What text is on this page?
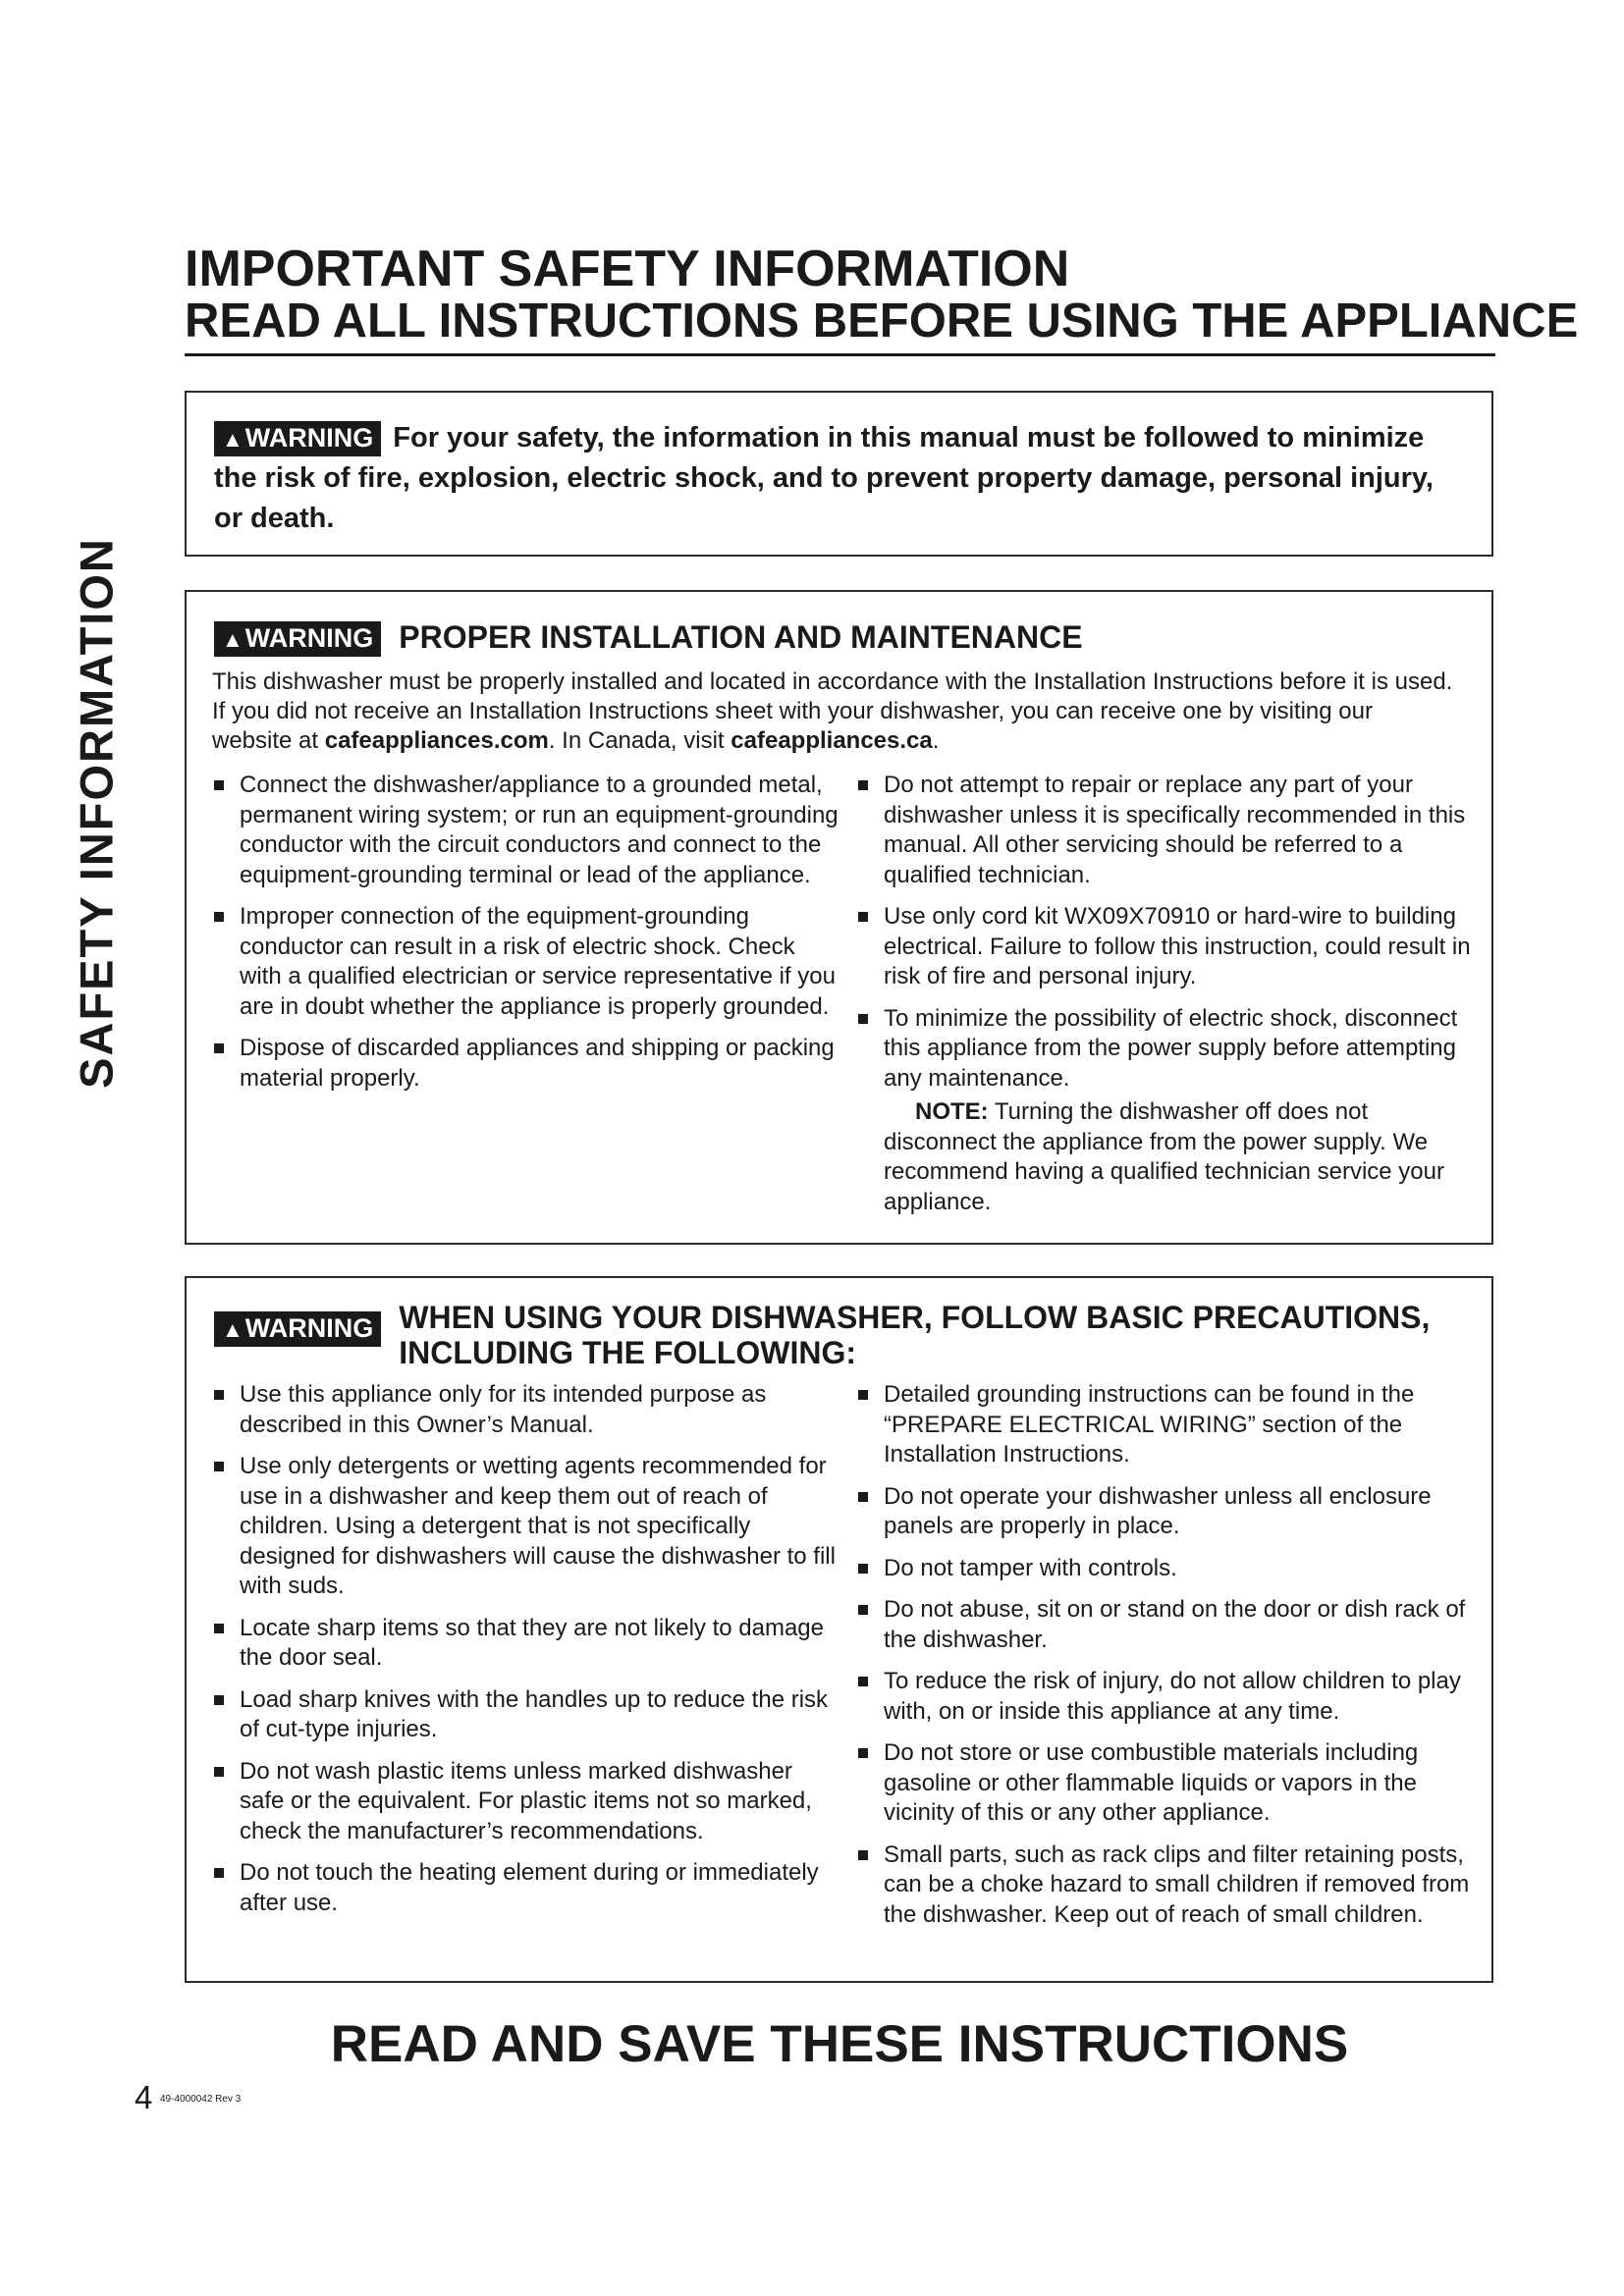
SAFETY INFORMATION
IMPORTANT SAFETY INFORMATION
READ ALL INSTRUCTIONS BEFORE USING THE APPLIANCE
▲WARNING For your safety, the information in this manual must be followed to minimize the risk of fire, explosion, electric shock, and to prevent property damage, personal injury, or death.
▲WARNING PROPER INSTALLATION AND MAINTENANCE
This dishwasher must be properly installed and located in accordance with the Installation Instructions before it is used. If you did not receive an Installation Instructions sheet with your dishwasher, you can receive one by visiting our website at cafeappliances.com. In Canada, visit cafeappliances.ca.
Connect the dishwasher/appliance to a grounded metal, permanent wiring system; or run an equipment-grounding conductor with the circuit conductors and connect to the equipment-grounding terminal or lead of the appliance.
Improper connection of the equipment-grounding conductor can result in a risk of electric shock. Check with a qualified electrician or service representative if you are in doubt whether the appliance is properly grounded.
Dispose of discarded appliances and shipping or packing material properly.
Do not attempt to repair or replace any part of your dishwasher unless it is specifically recommended in this manual. All other servicing should be referred to a qualified technician.
Use only cord kit WX09X70910 or hard-wire to building electrical. Failure to follow this instruction, could result in risk of fire and personal injury.
To minimize the possibility of electric shock, disconnect this appliance from the power supply before attempting any maintenance.
NOTE: Turning the dishwasher off does not disconnect the appliance from the power supply. We recommend having a qualified technician service your appliance.
▲WARNING WHEN USING YOUR DISHWASHER, FOLLOW BASIC PRECAUTIONS, INCLUDING THE FOLLOWING:
Use this appliance only for its intended purpose as described in this Owner’s Manual.
Use only detergents or wetting agents recommended for use in a dishwasher and keep them out of reach of children. Using a detergent that is not specifically designed for dishwashers will cause the dishwasher to fill with suds.
Locate sharp items so that they are not likely to damage the door seal.
Load sharp knives with the handles up to reduce the risk of cut-type injuries.
Do not wash plastic items unless marked dishwasher safe or the equivalent. For plastic items not so marked, check the manufacturer’s recommendations.
Do not touch the heating element during or immediately after use.
Detailed grounding instructions can be found in the “PREPARE ELECTRICAL WIRING” section of the Installation Instructions.
Do not operate your dishwasher unless all enclosure panels are properly in place.
Do not tamper with controls.
Do not abuse, sit on or stand on the door or dish rack of the dishwasher.
To reduce the risk of injury, do not allow children to play with, on or inside this appliance at any time.
Do not store or use combustible materials including gasoline or other flammable liquids or vapors in the vicinity of this or any other appliance.
Small parts, such as rack clips and filter retaining posts, can be a choke hazard to small children if removed from the dishwasher. Keep out of reach of small children.
READ AND SAVE THESE INSTRUCTIONS
4 49-4000042 Rev 3
